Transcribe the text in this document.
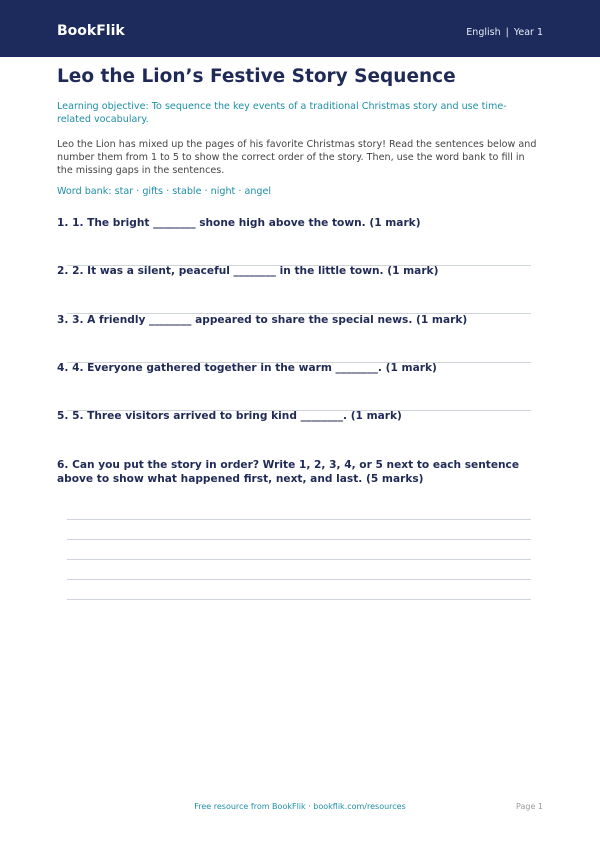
BookFlik	English | Year 1
Leo the Lion’s Festive Story Sequence
Learning objective: To sequence the key events of a traditional Christmas story and use time-related vocabulary.
Leo the Lion has mixed up the pages of his favorite Christmas story! Read the sentences below and number them from 1 to 5 to show the correct order of the story. Then, use the word bank to fill in the missing gaps in the sentences.
Word bank: star · gifts · stable · night · angel
1. 1. The bright ________ shone high above the town. (1 mark)
2. 2. It was a silent, peaceful ________ in the little town. (1 mark)
3. 3. A friendly ________ appeared to share the special news. (1 mark)
4. 4. Everyone gathered together in the warm ________. (1 mark)
5. 5. Three visitors arrived to bring kind ________. (1 mark)
6. Can you put the story in order? Write 1, 2, 3, 4, or 5 next to each sentence above to show what happened first, next, and last. (5 marks)
Free resource from BookFlik · bookflik.com/resources	Page 1
